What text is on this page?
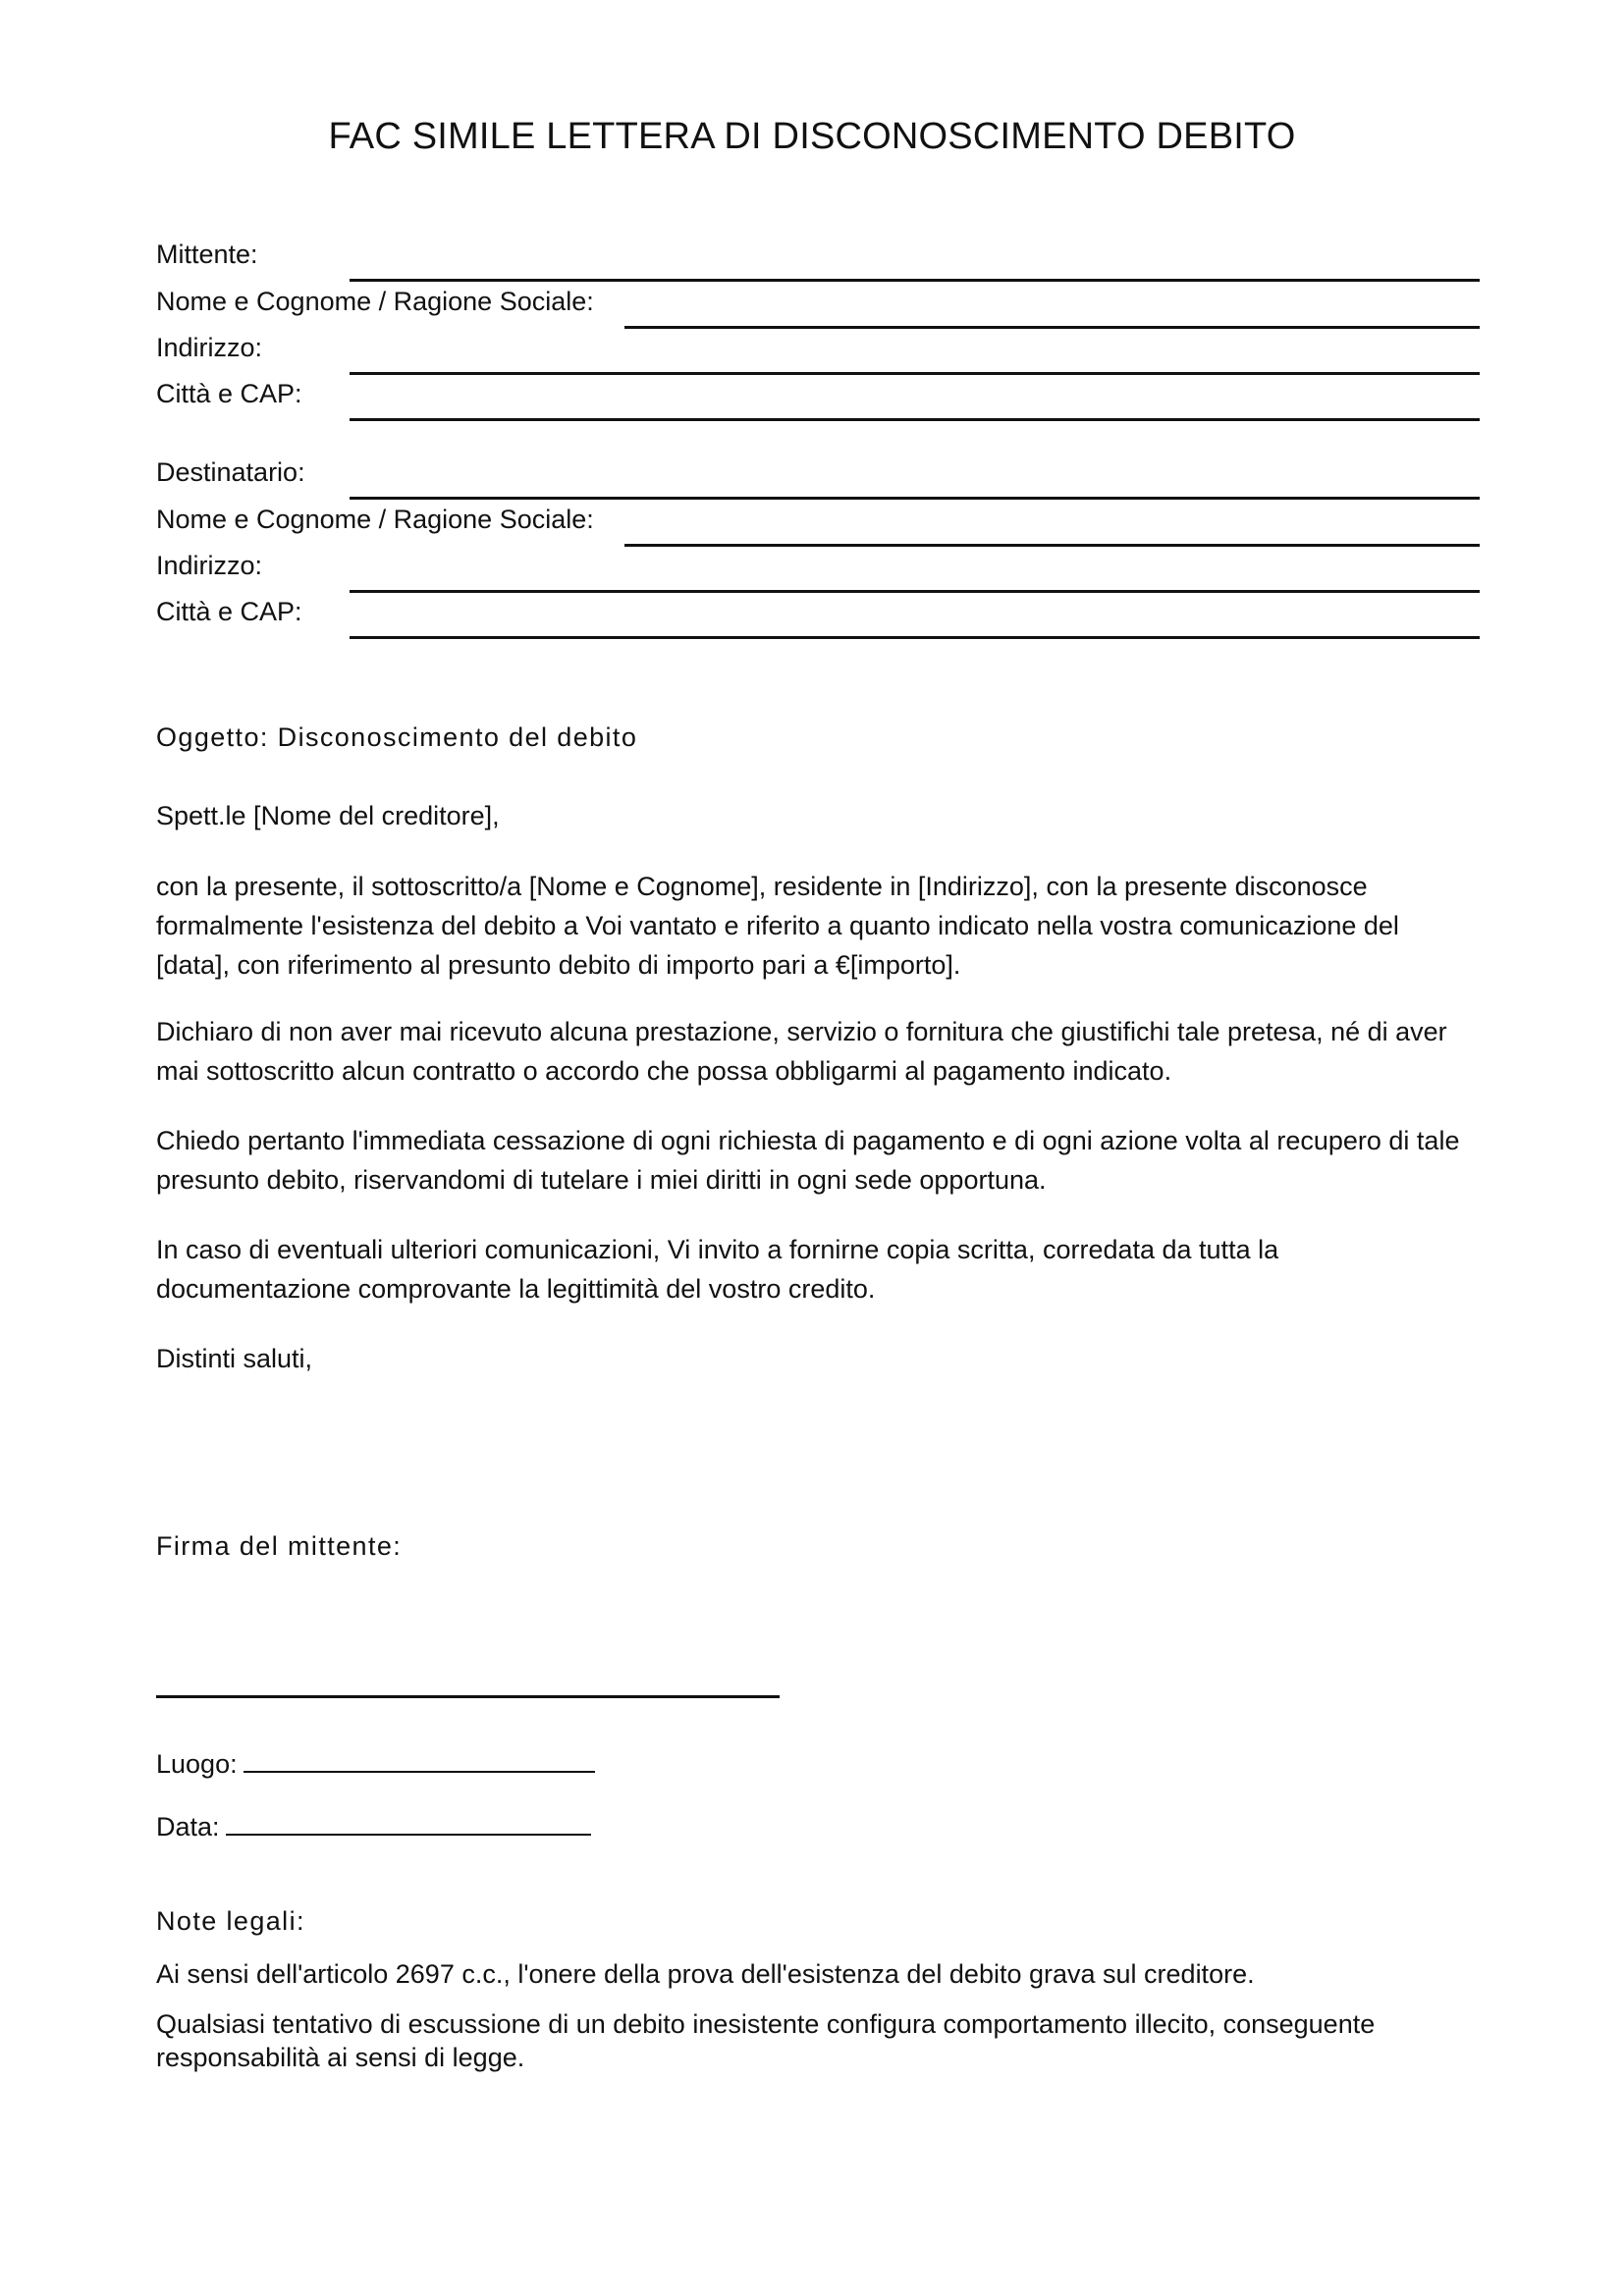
FAC SIMILE LETTERA DI DISCONOSCIMENTO DEBITO
Mittente:
Nome e Cognome / Ragione Sociale:
Indirizzo:
Città e CAP:
Destinatario:
Nome e Cognome / Ragione Sociale:
Indirizzo:
Città e CAP:

Oggetto: Disconoscimento del debito

Spett.le [Nome del creditore],

con la presente, il sottoscritto/a [Nome e Cognome], residente in [Indirizzo], con la presente disconosce formalmente l'esistenza del debito a Voi vantato e riferito a quanto indicato nella vostra comunicazione del [data], con riferimento al presunto debito di importo pari a €[importo].

Dichiaro di non aver mai ricevuto alcuna prestazione, servizio o fornitura che giustifichi tale pretesa, né di aver mai sottoscritto alcun contratto o accordo che possa obbligarmi al pagamento indicato.

Chiedo pertanto l'immediata cessazione di ogni richiesta di pagamento e di ogni azione volta al recupero di tale presunto debito, riservandomi di tutelare i miei diritti in ogni sede opportuna.

In caso di eventuali ulteriori comunicazioni, Vi invito a fornirne copia scritta, corredata da tutta la documentazione comprovante la legittimità del vostro credito.

Distinti saluti,

Firma del mittente:

Luogo:

Data:

Note legali:

Ai sensi dell'articolo 2697 c.c., l'onere della prova dell'esistenza del debito grava sul creditore.

Qualsiasi tentativo di escussione di un debito inesistente configura comportamento illecito, conseguente responsabilità ai sensi di legge.
